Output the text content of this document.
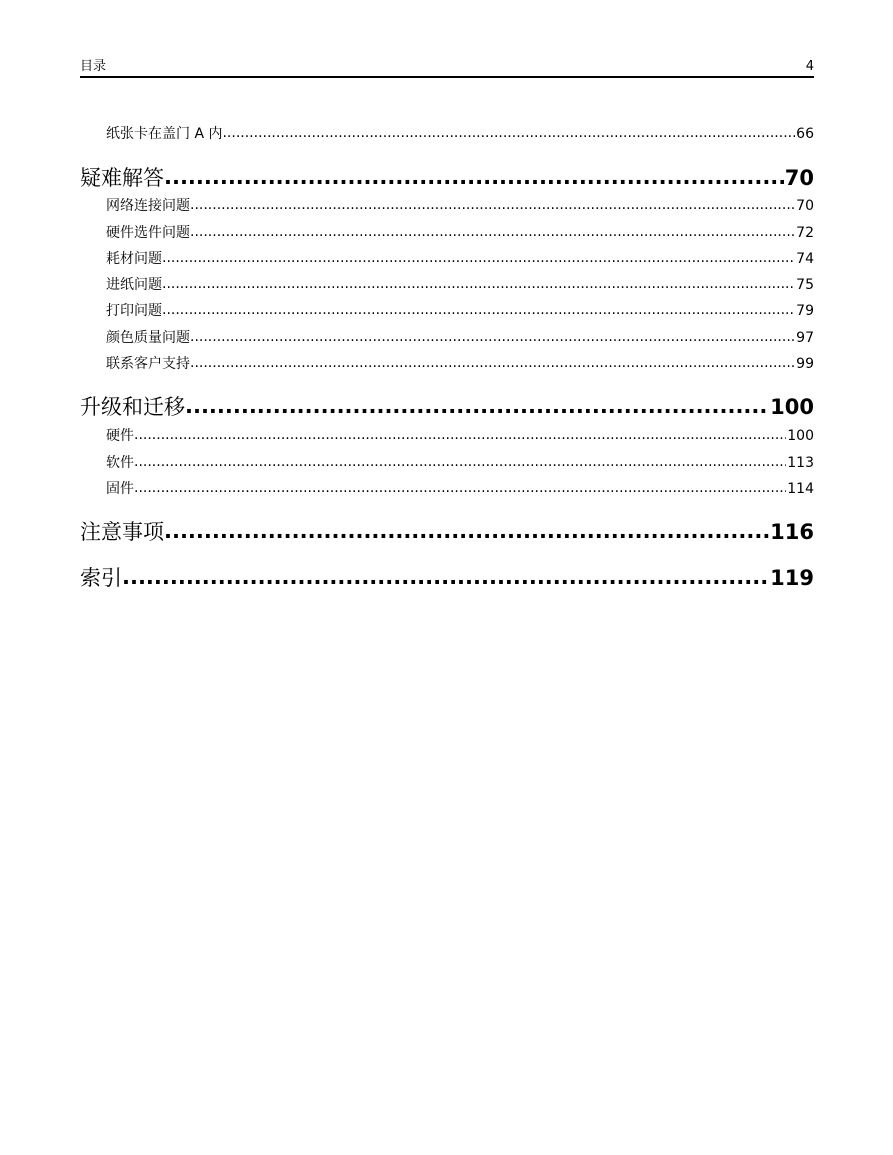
目录	4
纸张卡在盖门 A 内 .....	66
疑难解答 .....	70
网络连接问题 .....	70
硬件选件问题 .....	72
耗材问题 .....	74
进纸问题 .....	75
打印问题 .....	79
颜色质量问题 .....	97
联系客户支持 .....	99
升级和迁移 .....	100
硬件 .....	100
软件 .....	113
固件 .....	114
注意事项 .....	116
索引 .....	119
